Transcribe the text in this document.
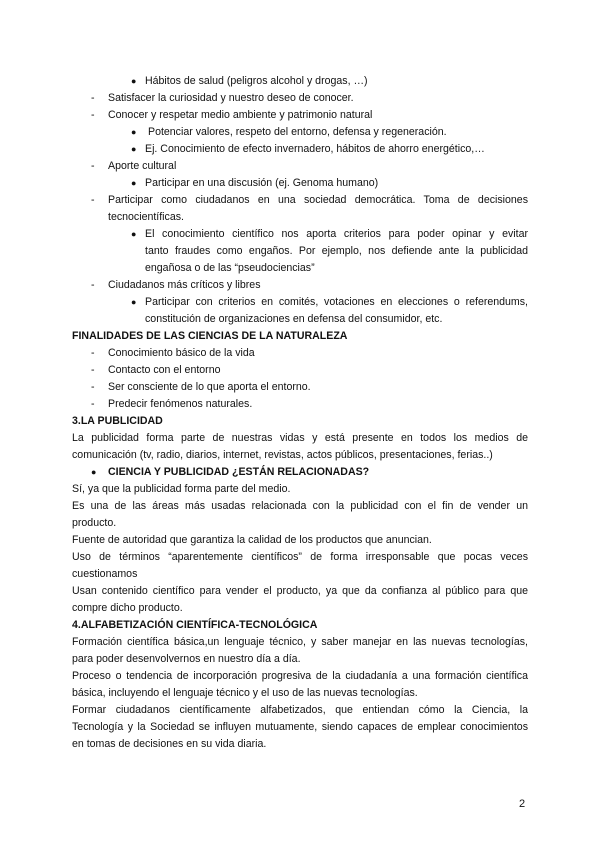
● Hábitos de salud (peligros alcohol y drogas, …)
- Satisfacer la curiosidad y nuestro deseo de conocer.
- Conocer y respetar medio ambiente y patrimonio natural
● Potenciar valores, respeto del entorno, defensa y regeneración.
● Ej. Conocimiento de efecto invernadero, hábitos de ahorro energético,…
- Aporte cultural
● Participar en una discusión (ej. Genoma humano)
- Participar como ciudadanos en una sociedad democrática. Toma de decisiones
tecnocientíficas.
● El conocimiento científico nos aporta criterios para poder opinar y evitar
tanto fraudes como engaños. Por ejemplo, nos defiende ante la publicidad
engañosa o de las “pseudociencias”
- Ciudadanos más críticos y libres
● Participar con criterios en comités, votaciones en elecciones o referendums,
constitución de organizaciones en defensa del consumidor, etc.
FINALIDADES DE LAS CIENCIAS DE LA NATURALEZA
- Conocimiento básico de la vida
- Contacto con el entorno
- Ser consciente de lo que aporta el entorno.
- Predecir fenómenos naturales.
3.LA PUBLICIDAD
La publicidad forma parte de nuestras vidas y está presente en todos los medios de
comunicación (tv, radio, diarios, internet, revistas, actos públicos, presentaciones, ferias..)
● CIENCIA Y PUBLICIDAD ¿ESTÁN RELACIONADAS?
Sí, ya que la publicidad forma parte del medio.
Es una de las áreas más usadas relacionada con la publicidad con el fin de vender un
producto.
Fuente de autoridad que garantiza la calidad de los productos que anuncian.
Uso de términos “aparentemente científicos” de forma irresponsable que pocas veces
cuestionamos
Usan contenido científico para vender el producto, ya que da confianza al público para que
compre dicho producto.
4.ALFABETIZACIÓN CIENTÍFICA-TECNOLÓGICA
Formación científica básica,un lenguaje técnico, y saber manejar en las nuevas tecnologías,
para poder desenvolvernos en nuestro día a día.
Proceso o tendencia de incorporación progresiva de la ciudadanía a una formación científica
básica, incluyendo el lenguaje técnico y el uso de las nuevas tecnologías.
Formar ciudadanos científicamente alfabetizados, que entiendan cómo la Ciencia, la
Tecnología y la Sociedad se influyen mutuamente, siendo capaces de emplear conocimientos
en tomas de decisiones en su vida diaria.
2
